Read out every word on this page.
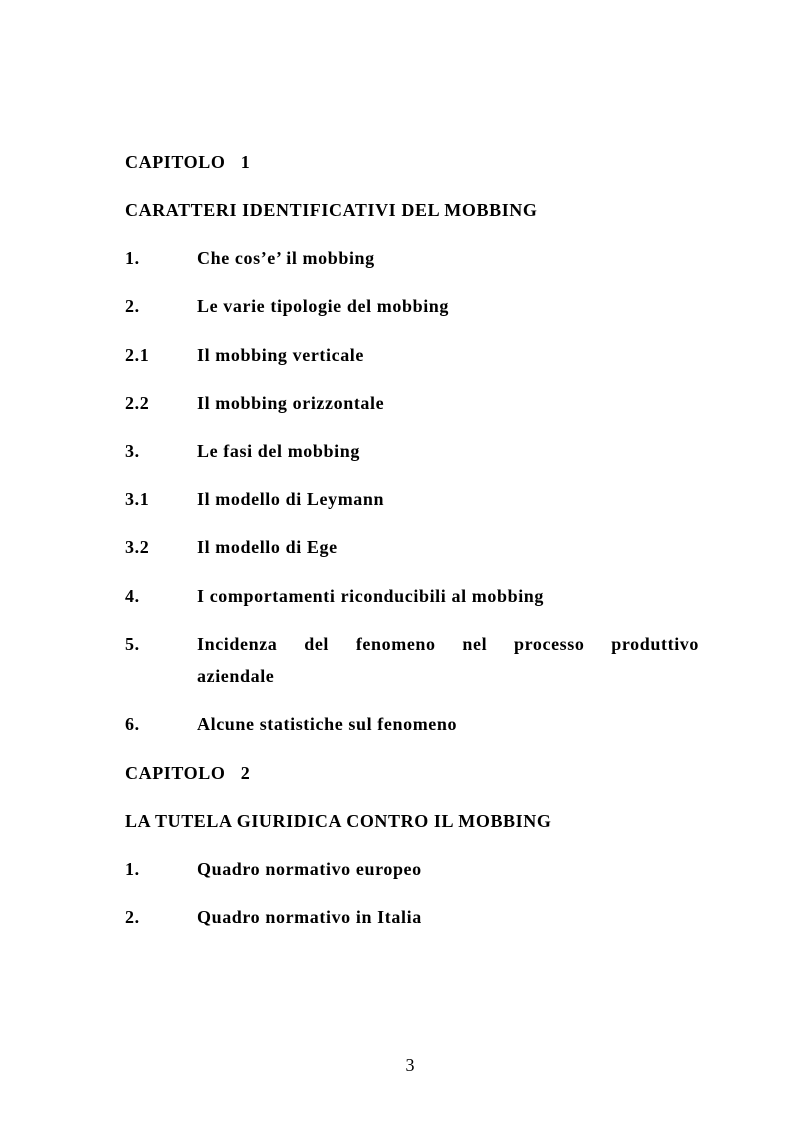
CAPITOLO   1
CARATTERI IDENTIFICATIVI DEL MOBBING
1.	Che cos’e’ il mobbing
2.	Le varie tipologie del mobbing
2.1	Il mobbing verticale
2.2	Il mobbing orizzontale
3.	Le fasi del mobbing
3.1	Il modello di Leymann
3.2	Il modello di Ege
4.	I comportamenti riconducibili al mobbing
5.	Incidenza del fenomeno nel processo produttivo
aziendale
6.	Alcune statistiche sul fenomeno
CAPITOLO   2
LA TUTELA GIURIDICA CONTRO IL MOBBING
1.	Quadro normativo europeo
2.	Quadro normativo in Italia
3
